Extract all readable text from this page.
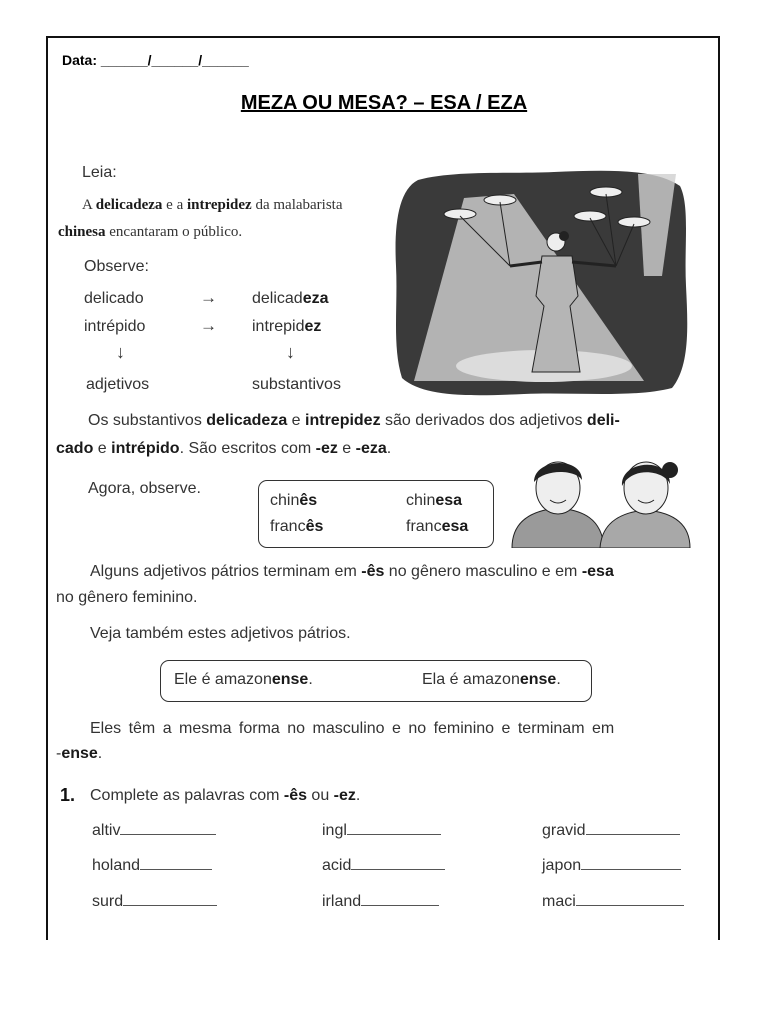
Data: ______/______/______
MEZA OU MESA? – ESA / EZA
Leia:
A delicadeza e a intrepidez da malabarista
chinesa encantaram o público.
Observe:
delicado	→ delicadeza
intrépido	→ intrepidez
↓	↓
adjetivos	substantivos
Os substantivos delicadeza e intrepidez são derivados dos adjetivos deli-
cado e intrépido. São escritos com -ez e -eza.
Agora, observe.
chinês	chinesa
francês	francesa
Alguns adjetivos pátrios terminam em -ês no gênero masculino e em -esa
no gênero feminino.
Veja também estes adjetivos pátrios.
Ele é amazonense.	Ela é amazonense.
Eles têm a mesma forma no masculino e no feminino e terminam em
-ense.
1. Complete as palavras com -ês ou -ez.
altiv	ingl	gravid
holand	acid	japon
surd	irland	maci
